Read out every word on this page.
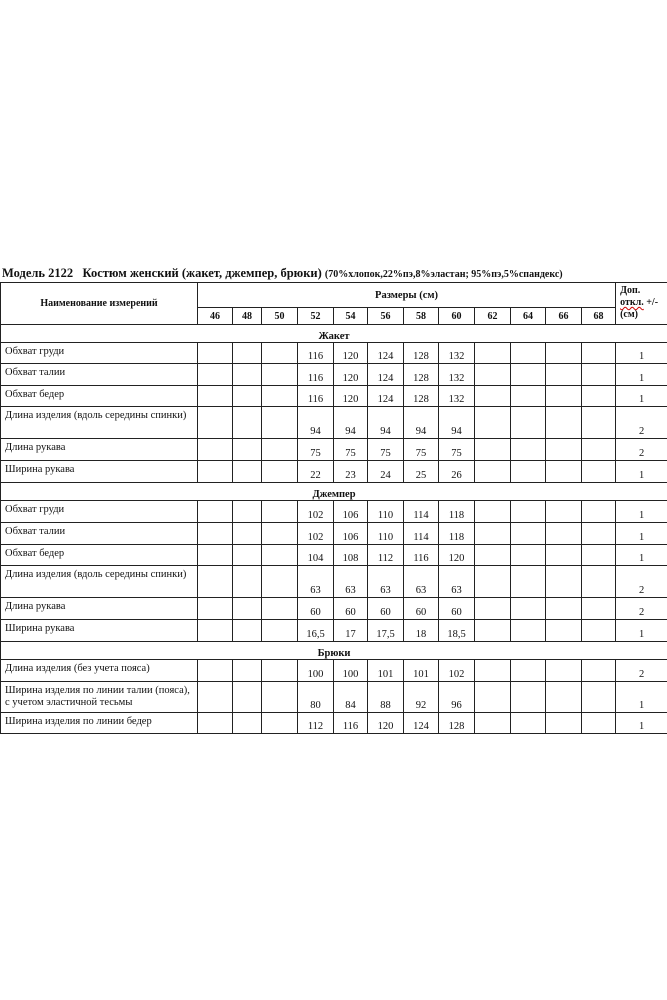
Модель 2122 Костюм женский (жакет, джемпер, брюки) (70%хлопок,22%пэ,8%эластан; 95%пэ,5%спандекс)
Наименование измерений	Размеры (см)												Доп.
откл. +/-
(см)
	46	48	50	52	54	56	58	60	62	64	66	68	
Жакет													
Обхват груди				116	120	124	128	132					1
Обхват талии				116	120	124	128	132					1
Обхват бедер				116	120	124	128	132					1
Длина изделия (вдоль середины спинки)				94	94	94	94	94					2
Длина рукава				75	75	75	75	75					2
Ширина рукава				22	23	24	25	26					1
Джемпер													
Обхват груди				102	106	110	114	118					1
Обхват талии				102	106	110	114	118					1
Обхват бедер				104	108	112	116	120					1
Длина изделия (вдоль середины спинки)				63	63	63	63	63					2
Длина рукава				60	60	60	60	60					2
Ширина рукава				16,5	17	17,5	18	18,5					1
Брюки													
Длина изделия (без учета пояса)				100	100	101	101	102					2
Ширина изделия по линии талии (пояса), с учетом эластичной тесьмы				80	84	88	92	96					1
Ширина изделия по линии бедер				112	116	120	124	128					1
